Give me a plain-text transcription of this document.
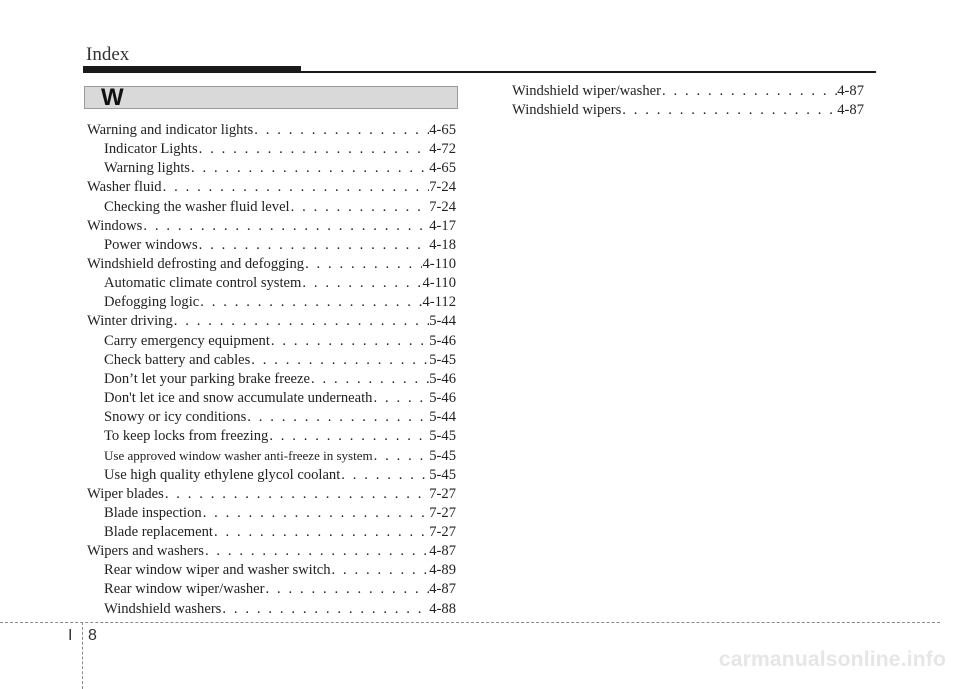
Index
W
Warning and indicator lights . . .	4-65
Indicator Lights . . .	4-72
Warning lights . . .	4-65
Washer fluid . . .	7-24
Checking the washer fluid level . . .	7-24
Windows . . .	4-17
Power windows . . .	4-18
Windshield defrosting and defogging . . .	4-110
Automatic climate control system . . .	4-110
Defogging logic . . .	4-112
Winter driving . . .	5-44
Carry emergency equipment . . .	5-46
Check battery and cables . . .	5-45
Don’t let your parking brake freeze . . .	5-46
Don't let ice and snow accumulate underneath . . .	5-46
Snowy or icy conditions . . .	5-44
To keep locks from freezing . . .	5-45
Use approved window washer anti-freeze in system . . .	5-45
Use high quality ethylene glycol coolant . . .	5-45
Wiper blades . . .	7-27
Blade inspection . . .	7-27
Blade replacement . . .	7-27
Wipers and washers . . .	4-87
Rear window wiper and washer switch . . .	4-89
Rear window wiper/washer . . .	4-87
Windshield washers . . .	4-88
Windshield wiper/washer . . .	4-87
Windshield wipers . . .	4-87
I 8
carmanualsonline.info
